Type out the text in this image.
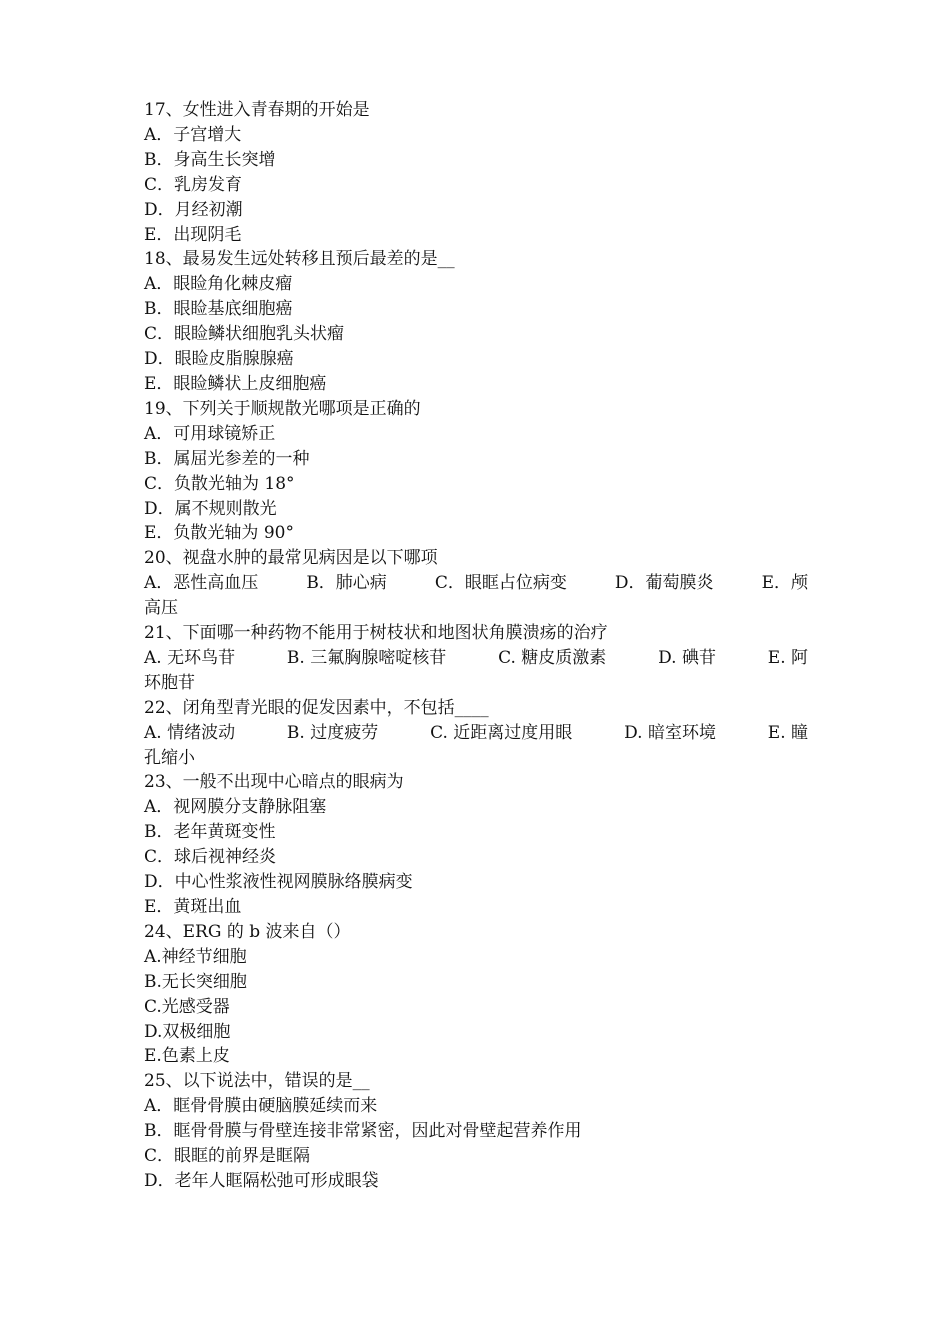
17、女性进入青春期的开始是
A．子宫增大
B．身高生长突增
C．乳房发育
D．月经初潮
E．出现阴毛
18、最易发生远处转移且预后最差的是__
A．眼睑角化棘皮瘤
B．眼睑基底细胞癌
C．眼睑鳞状细胞乳头状瘤
D．眼睑皮脂腺腺癌
E．眼睑鳞状上皮细胞癌
19、下列关于顺规散光哪项是正确的
A．可用球镜矫正
B．属屈光参差的一种
C．负散光轴为 18°
D．属不规则散光
E．负散光轴为 90°
20、视盘水肿的最常见病因是以下哪项
A．恶性高血压	B．肺心病	C．眼眶占位病变	D．葡萄膜炎	E．颅
高压
21、下面哪一种药物不能用于树枝状和地图状角膜溃疡的治疗
A. 无环鸟苷	B. 三氟胸腺嘧啶核苷	C. 糖皮质激素	D. 碘苷	E. 阿
环胞苷
22、闭角型青光眼的促发因素中，不包括____
A. 情绪波动	B. 过度疲劳	C. 近距离过度用眼	D. 暗室环境	E. 瞳
孔缩小
23、一般不出现中心暗点的眼病为
A．视网膜分支静脉阻塞
B．老年黄斑变性
C．球后视神经炎
D．中心性浆液性视网膜脉络膜病变
E．黄斑出血
24、ERG 的 b 波来自（）
A.神经节细胞
B.无长突细胞
C.光感受器
D.双极细胞
E.色素上皮
25、以下说法中，错误的是__
A．眶骨骨膜由硬脑膜延续而来
B．眶骨骨膜与骨壁连接非常紧密，因此对骨壁起营养作用
C．眼眶的前界是眶隔
D．老年人眶隔松弛可形成眼袋
